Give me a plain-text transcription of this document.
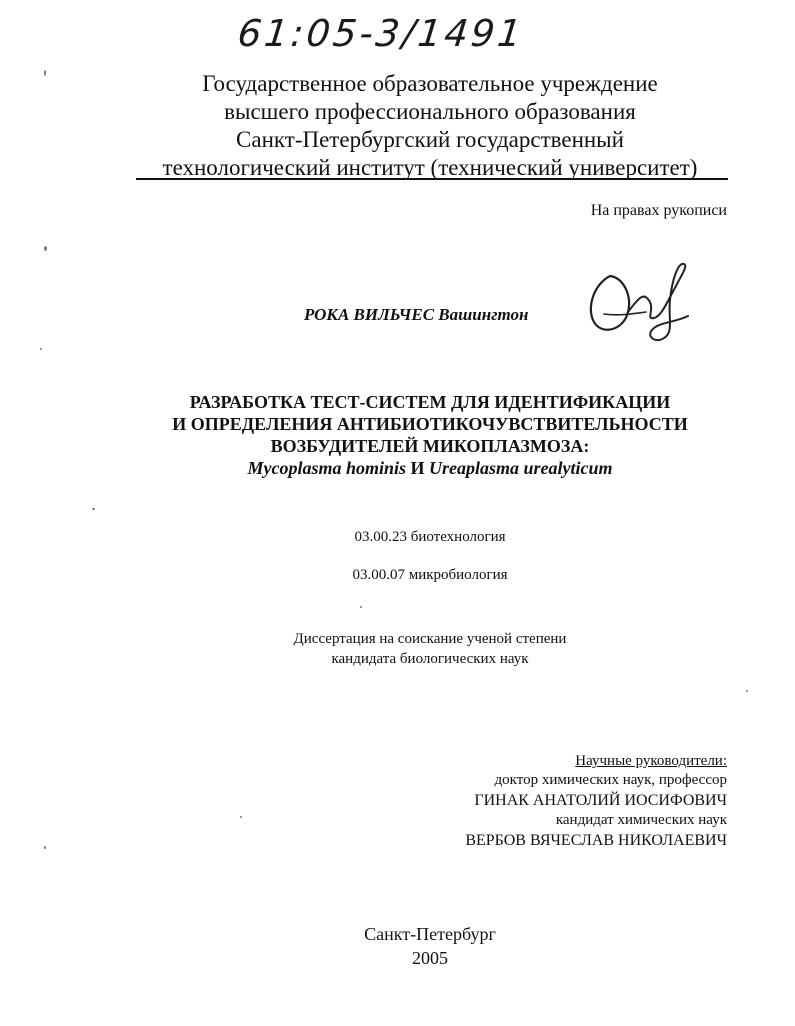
61:05-3/1491
Государственное образовательное учреждение
высшего профессионального образования
Санкт-Петербургский государственный
технологический институт (технический университет)
На правах рукописи
РОКА ВИЛЬЧЕС Вашингтон
РАЗРАБОТКА ТЕСТ-СИСТЕМ ДЛЯ ИДЕНТИФИКАЦИИ
И ОПРЕДЕЛЕНИЯ АНТИБИОТИКОЧУВСТВИТЕЛЬНОСТИ
ВОЗБУДИТЕЛЕЙ МИКОПЛАЗМОЗА:
Mycoplasma hominis И Ureaplasma urealyticum
03.00.23 биотехнология
03.00.07 микробиология
Диссертация на соискание ученой степени
кандидата биологических наук
Научные руководители:
доктор химических наук, профессор
ГИНАК АНАТОЛИЙ ИОСИФОВИЧ
кандидат химических наук
ВЕРБОВ ВЯЧЕСЛАВ НИКОЛАЕВИЧ
Санкт-Петербург
2005
